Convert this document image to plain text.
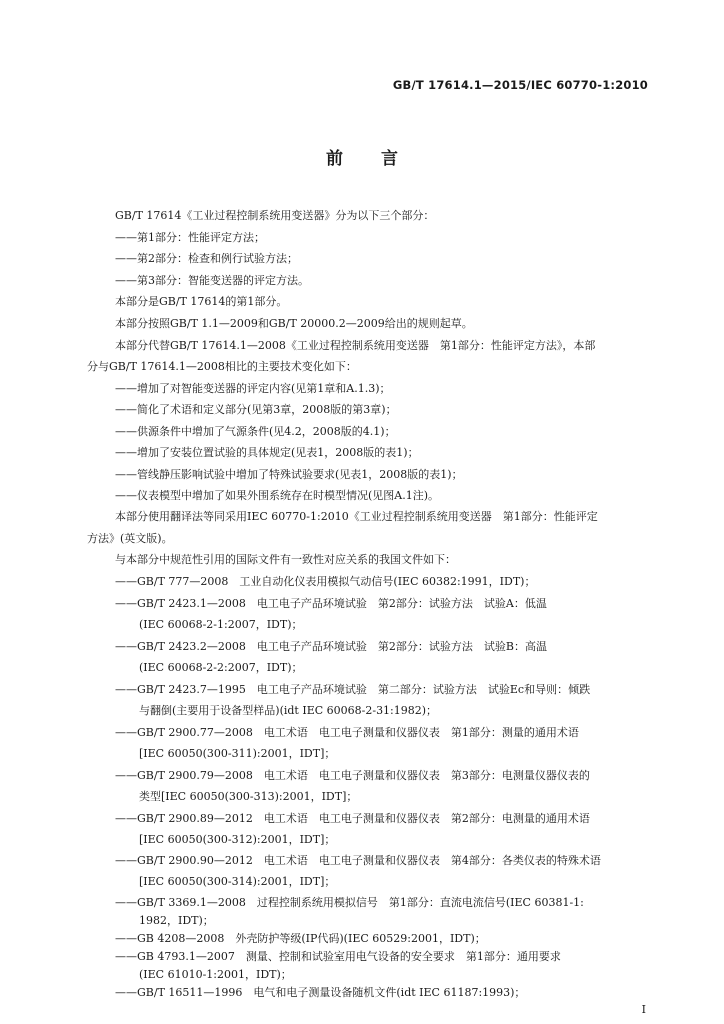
GB/T 17614.1—2015/IEC 60770-1:2010
前言
GB/T 17614《工业过程控制系统用变送器》分为以下三个部分：
——第1部分：性能评定方法；
——第2部分：检查和例行试验方法；
——第3部分：智能变送器的评定方法。
本部分是GB/T 17614的第1部分。
本部分按照GB/T 1.1—2009和GB/T 20000.2—2009给出的规则起草。
本部分代替GB/T 17614.1—2008《工业过程控制系统用变送器　第1部分：性能评定方法》，本部
分与GB/T 17614.1—2008相比的主要技术变化如下：
——增加了对智能变送器的评定内容(见第1章和A.1.3)；
——简化了术语和定义部分(见第3章，2008版的第3章)；
——供源条件中增加了气源条件(见4.2，2008版的4.1)；
——增加了安装位置试验的具体规定(见表1，2008版的表1)；
——管线静压影响试验中增加了特殊试验要求(见表1，2008版的表1)；
——仪表模型中增加了如果外围系统存在时模型情况(见图A.1注)。
本部分使用翻译法等同采用IEC 60770-1:2010《工业过程控制系统用变送器　第1部分：性能评定
方法》(英文版)。
与本部分中规范性引用的国际文件有一致性对应关系的我国文件如下：
——GB/T 777—2008　工业自动化仪表用模拟气动信号(IEC 60382:1991，IDT)；
——GB/T 2423.1—2008　电工电子产品环境试验　第2部分：试验方法　试验A：低温
(IEC 60068-2-1:2007，IDT)；
——GB/T 2423.2—2008　电工电子产品环境试验　第2部分：试验方法　试验B：高温
(IEC 60068-2-2:2007，IDT)；
——GB/T 2423.7—1995　电工电子产品环境试验　第二部分：试验方法　试验Ec和导则：倾跌
与翻倒(主要用于设备型样品)(idt IEC 60068-2-31:1982)；
——GB/T 2900.77—2008　电工术语　电工电子测量和仪器仪表　第1部分：测量的通用术语
[IEC 60050(300-311):2001，IDT]；
——GB/T 2900.79—2008　电工术语　电工电子测量和仪器仪表　第3部分：电测量仪器仪表的
类型[IEC 60050(300-313):2001，IDT]；
——GB/T 2900.89—2012　电工术语　电工电子测量和仪器仪表　第2部分：电测量的通用术语
[IEC 60050(300-312):2001，IDT]；
——GB/T 2900.90—2012　电工术语　电工电子测量和仪器仪表　第4部分：各类仪表的特殊术语
[IEC 60050(300-314):2001，IDT]；
——GB/T 3369.1—2008　过程控制系统用模拟信号　第1部分：直流电流信号(IEC 60381-1:
1982，IDT)；
——GB 4208—2008　外壳防护等级(IP代码)(IEC 60529:2001，IDT)；
——GB 4793.1—2007　测量、控制和试验室用电气设备的安全要求　第1部分：通用要求
(IEC 61010-1:2001，IDT)；
——GB/T 16511—1996　电气和电子测量设备随机文件(idt IEC 61187:1993)；
I
